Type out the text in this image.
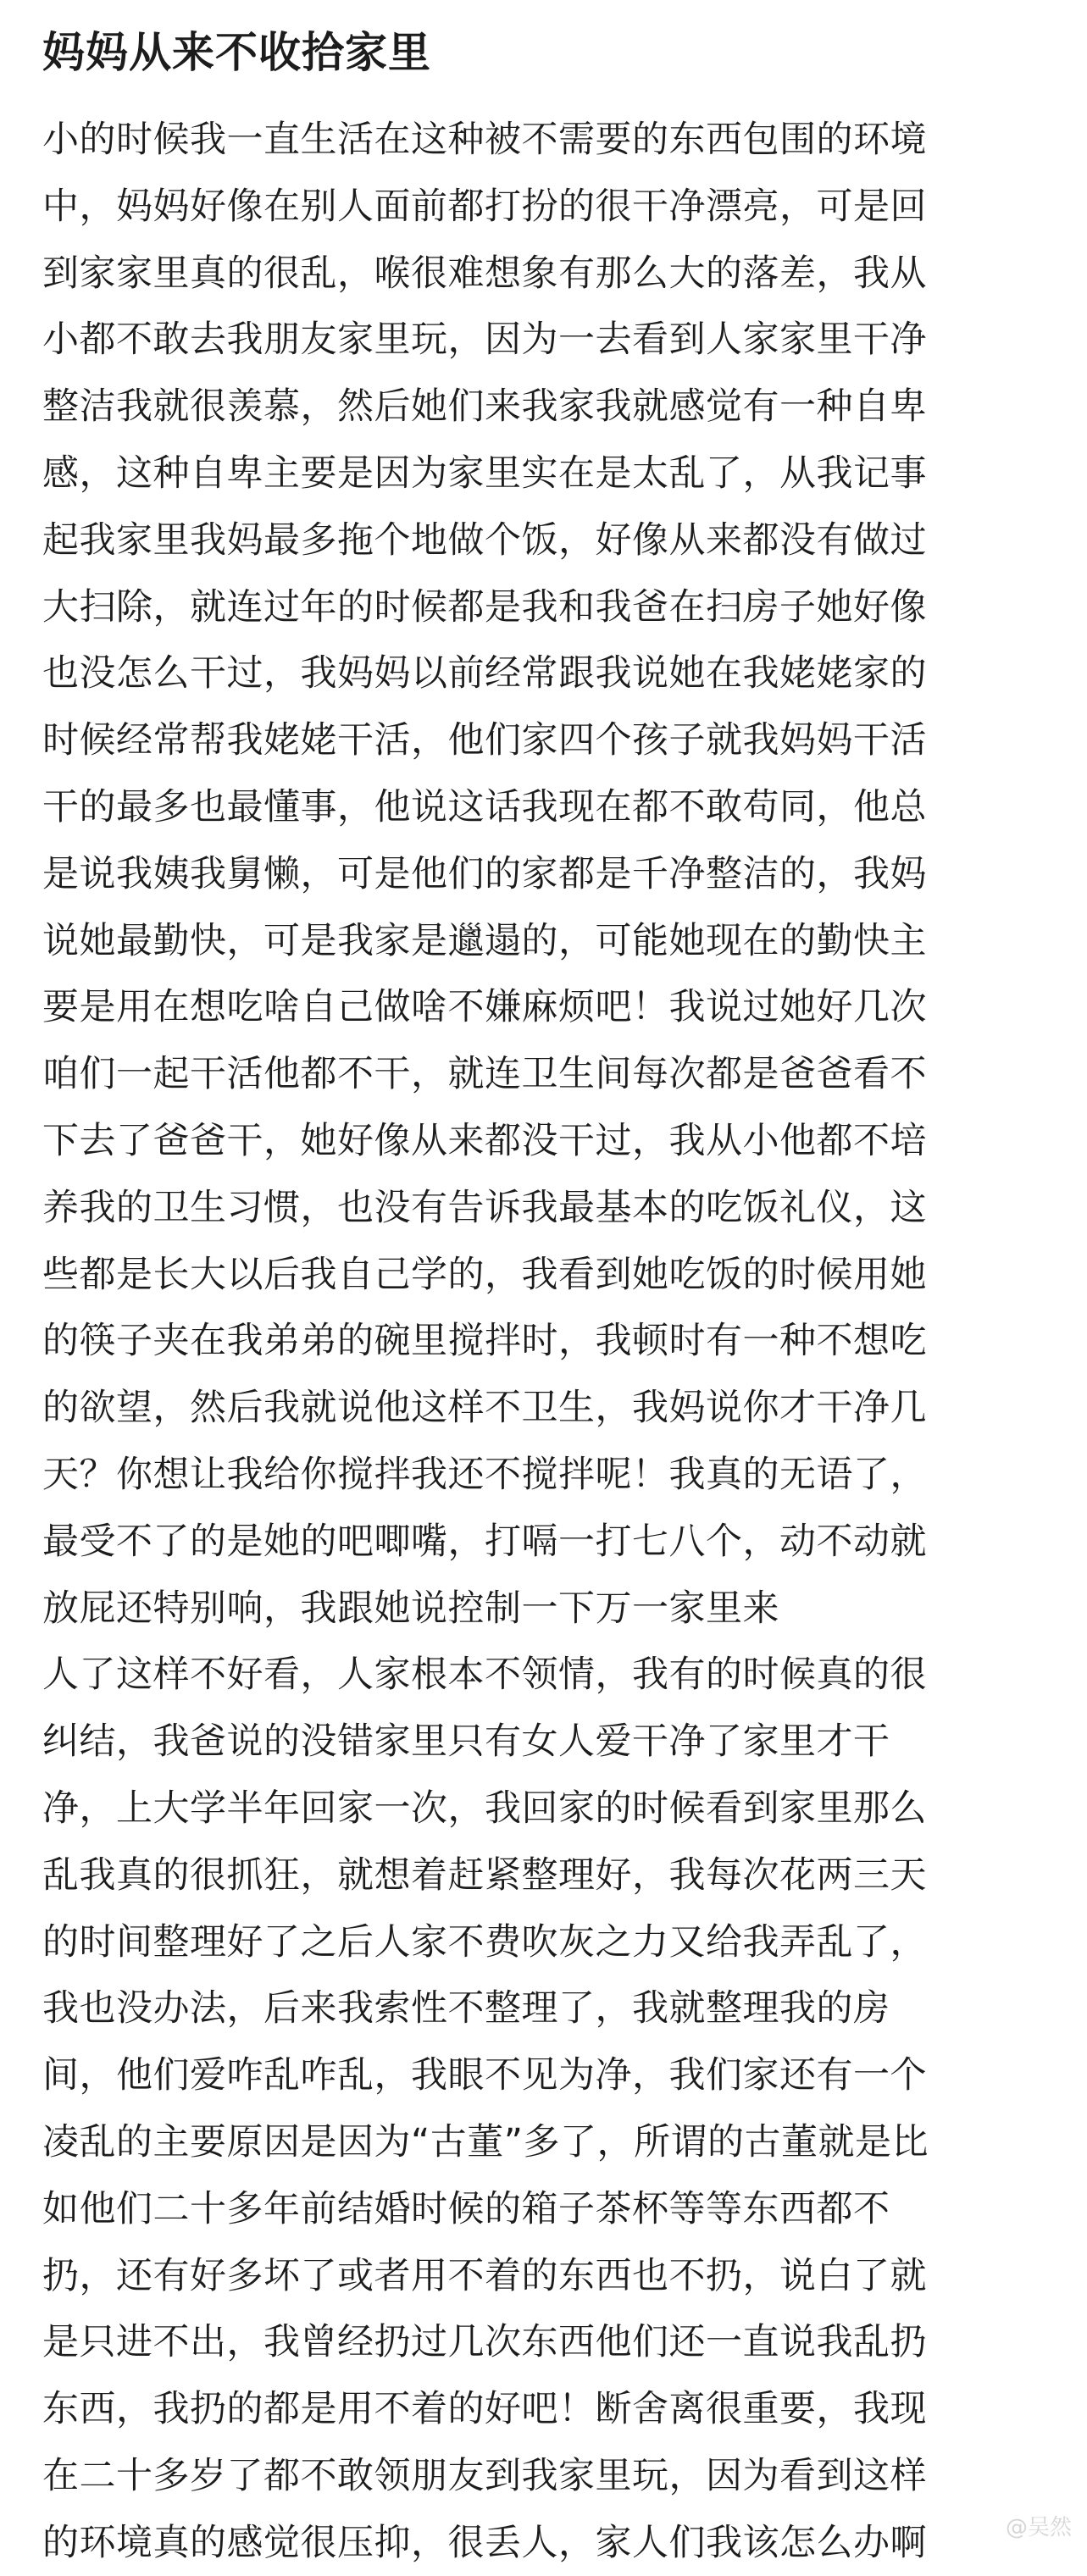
妈妈从来不收拾家里
小的时候我一直生活在这种被不需要的东西包围的环境
中，妈妈好像在别人面前都打扮的很干净漂亮，可是回
到家家里真的很乱，喉很难想象有那么大的落差，我从
小都不敢去我朋友家里玩，因为一去看到人家家里干净
整洁我就很羡慕，然后她们来我家我就感觉有一种自卑
感，这种自卑主要是因为家里实在是太乱了，从我记事
起我家里我妈最多拖个地做个饭，好像从来都没有做过
大扫除，就连过年的时候都是我和我爸在扫房子她好像
也没怎么干过，我妈妈以前经常跟我说她在我姥姥家的
时候经常帮我姥姥干活，他们家四个孩子就我妈妈干活
干的最多也最懂事，他说这话我现在都不敢苟同，他总
是说我姨我舅懒，可是他们的家都是千净整洁的，我妈
说她最勤快，可是我家是邋遢的，可能她现在的勤快主
要是用在想吃啥自己做啥不嫌麻烦吧！我说过她好几次
咱们一起干活他都不干，就连卫生间每次都是爸爸看不
下去了爸爸干，她好像从来都没干过，我从小他都不培
养我的卫生习惯，也没有告诉我最基本的吃饭礼仪，这
些都是长大以后我自己学的，我看到她吃饭的时候用她
的筷子夹在我弟弟的碗里搅拌时，我顿时有一种不想吃
的欲望，然后我就说他这样不卫生，我妈说你才干净几
天？你想让我给你搅拌我还不搅拌呢！我真的无语了，
最受不了的是她的吧唧嘴，打嗝一打七八个，动不动就
放屁还特别响，我跟她说控制一下万一家里来
人了这样不好看，人家根本不领情，我有的时候真的很
纠结，我爸说的没错家里只有女人爱干净了家里才干
净，上大学半年回家一次，我回家的时候看到家里那么
乱我真的很抓狂，就想着赶紧整理好，我每次花两三天
的时间整理好了之后人家不费吹灰之力又给我弄乱了，
我也没办法，后来我索性不整理了，我就整理我的房
间，他们爱咋乱咋乱，我眼不见为净，我们家还有一个
凌乱的主要原因是因为“古董”多了，所谓的古董就是比
如他们二十多年前结婚时候的箱子茶杯等等东西都不
扔，还有好多坏了或者用不着的东西也不扔，说白了就
是只进不出，我曾经扔过几次东西他们还一直说我乱扔
东西，我扔的都是用不着的好吧！断舍离很重要，我现
在二十多岁了都不敢领朋友到我家里玩，因为看到这样
的环境真的感觉很压抑，很丢人，家人们我该怎么办啊	@吴然
